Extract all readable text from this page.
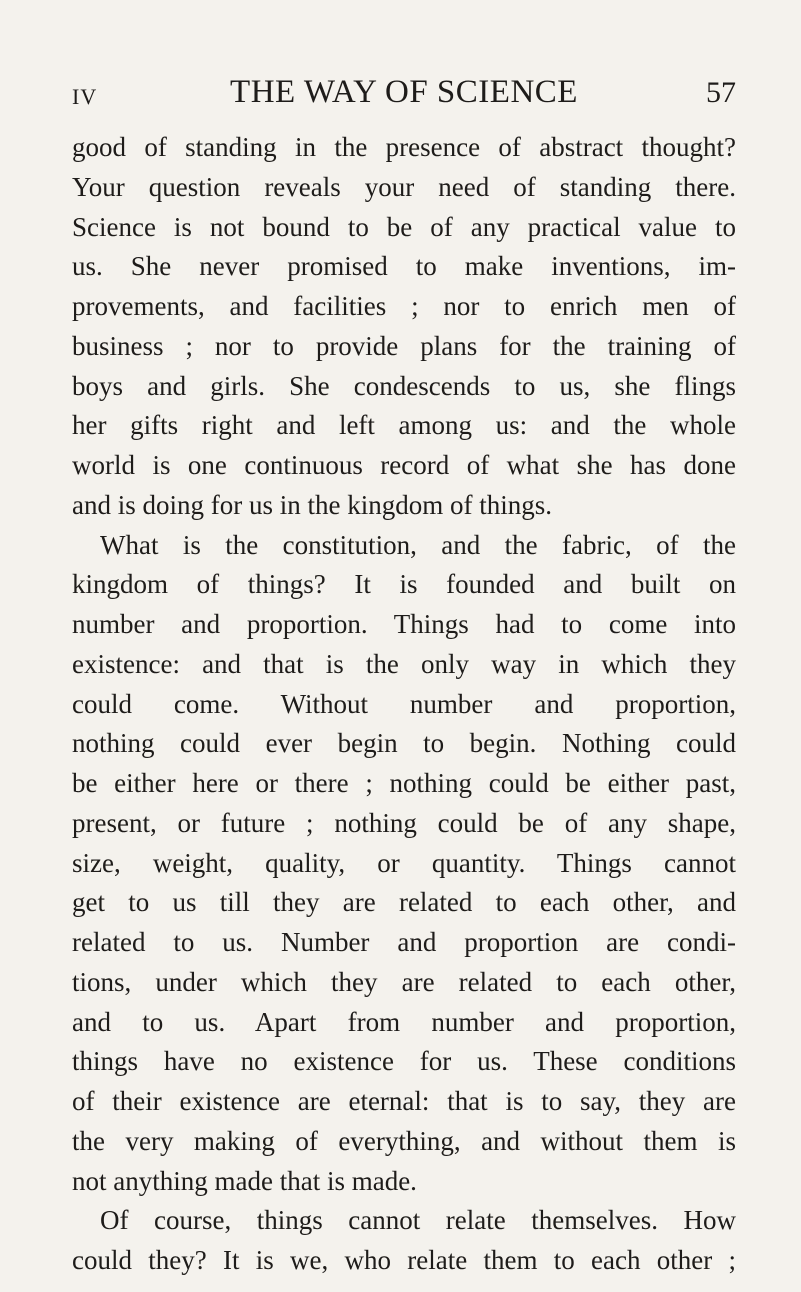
IV	THE WAY OF SCIENCE	57
good of standing in the presence of abstract thought?
Your question reveals your need of standing there.
Science is not bound to be of any practical value to
us. She never promised to make inventions, im-
provements, and facilities ; nor to enrich men of
business ; nor to provide plans for the training of
boys and girls. She condescends to us, she flings
her gifts right and left among us: and the whole
world is one continuous record of what she has done
and is doing for us in the kingdom of things.
What is the constitution, and the fabric, of the
kingdom of things? It is founded and built on
number and proportion. Things had to come into
existence: and that is the only way in which they
could come. Without number and proportion,
nothing could ever begin to begin. Nothing could
be either here or there ; nothing could be either past,
present, or future ; nothing could be of any shape,
size, weight, quality, or quantity. Things cannot
get to us till they are related to each other, and
related to us. Number and proportion are condi-
tions, under which they are related to each other,
and to us. Apart from number and proportion,
things have no existence for us. These conditions
of their existence are eternal: that is to say, they are
the very making of everything, and without them is
not anything made that is made.
Of course, things cannot relate themselves. How
could they? It is we, who relate them to each other ;
